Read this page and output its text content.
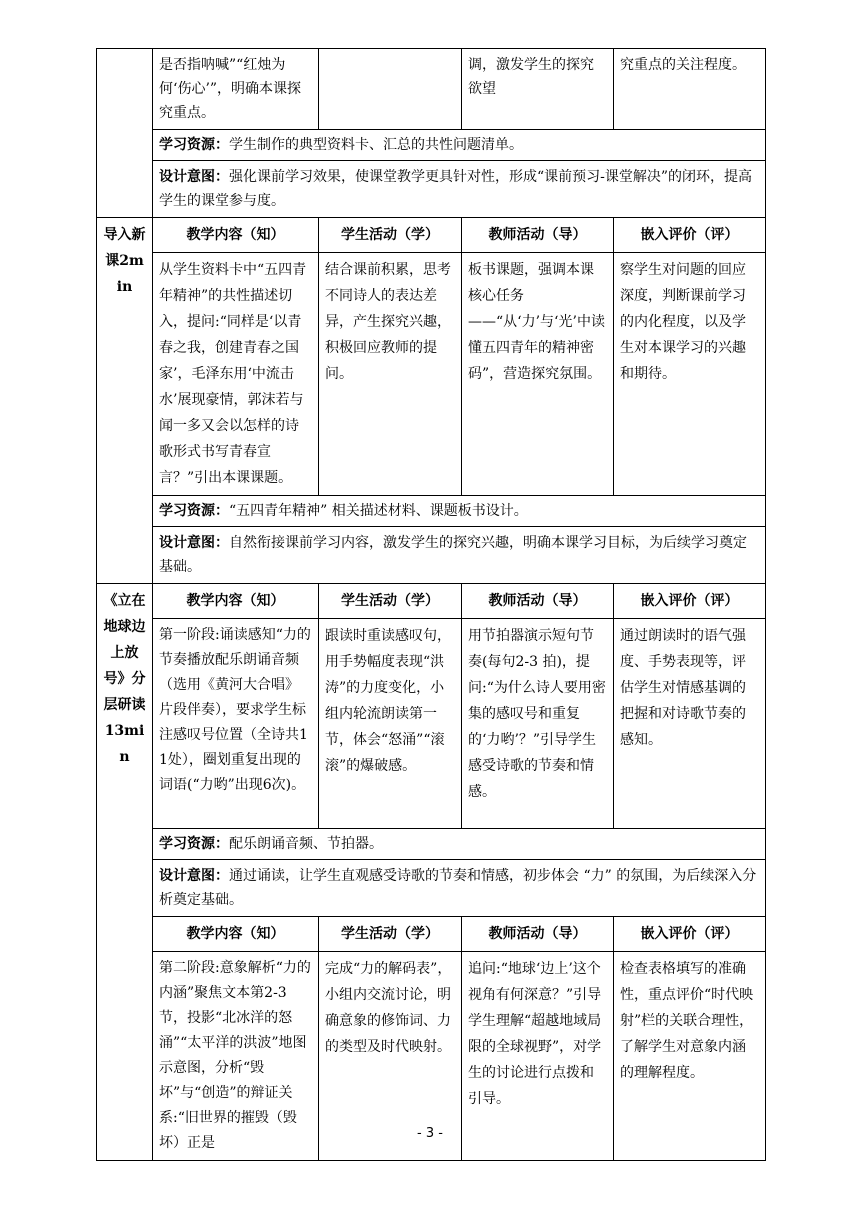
	是否指呐喊”“红烛为何‘伤心’”，明确本课探究重点。		调，激发学生的探究欲望	究重点的关注程度。
	学习资源：学生制作的典型资料卡、汇总的共性问题清单。			
	设计意图：强化课前学习效果，使课堂教学更具针对性，形成“课前预习-课堂解决”的闭环，提高学生的课堂参与度。			
导入新课2min	教学内容（知）	学生活动（学）	教师活动（导）	嵌入评价（评）
	从学生资料卡中“五四青年精神”的共性描述切入，提问:“同样是‘以青春之我，创建青春之国家’，毛泽东用‘中流击水’展现豪情，郭沫若与闻一多又会以怎样的诗歌形式书写青春宣言？”引出本课课题。	结合课前积累，思考不同诗人的表达差异，产生探究兴趣，积极回应教师的提问。	板书课题，强调本课核心任务——“从‘力’与‘光’中读懂五四青年的精神密码”，营造探究氛围。	察学生对问题的回应深度，判断课前学习的内化程度，以及学生对本课学习的兴趣和期待。
	学习资源：“五四青年精神” 相关描述材料、课题板书设计。			
	设计意图：自然衔接课前学习内容，激发学生的探究兴趣，明确本课学习目标，为后续学习奠定基础。			
《立在地球边上放号》分层研读13min	教学内容（知）	学生活动（学）	教师活动（导）	嵌入评价（评）
	第一阶段:诵读感知“力的节奏播放配乐朗诵音频（选用《黄河大合唱》片段伴奏），要求学生标注感叹号位置（全诗共11处），圈划重复出现的词语(“力哟”出现6次)。	跟读时重读感叹句，用手势幅度表现“洪涛”的力度变化，小组内轮流朗读第一节，体会“怒涌”“滚滚”的爆破感。	用节拍器演示短句节奏(每句2-3 拍)，提问:“为什么诗人要用密集的感叹号和重复的‘力哟’？”引导学生感受诗歌的节奏和情感。	通过朗读时的语气强度、手势表现等，评估学生对情感基调的把握和对诗歌节奏的感知。
	学习资源：配乐朗诵音频、节拍器。			
	设计意图：通过诵读，让学生直观感受诗歌的节奏和情感，初步体会 “力” 的氛围，为后续深入分析奠定基础。			
	教学内容（知）	学生活动（学）	教师活动（导）	嵌入评价（评）
	第二阶段:意象解析“力的内涵”聚焦文本第2-3节，投影“北冰洋的怒涌”“太平洋的洪波”地图示意图，分析“毁坏”与“创造”的辩证关系:“旧世界的摧毁（毁坏）正是	完成“力的解码表”，小组内交流讨论，明确意象的修饰词、力的类型及时代映射。	追问:“地球‘边上’这个视角有何深意？”引导学生理解“超越地域局限的全球视野”，对学生的讨论进行点拨和引导。	检查表格填写的准确性，重点评价“时代映射”栏的关联合理性，了解学生对意象内涵的理解程度。
- 3 -
